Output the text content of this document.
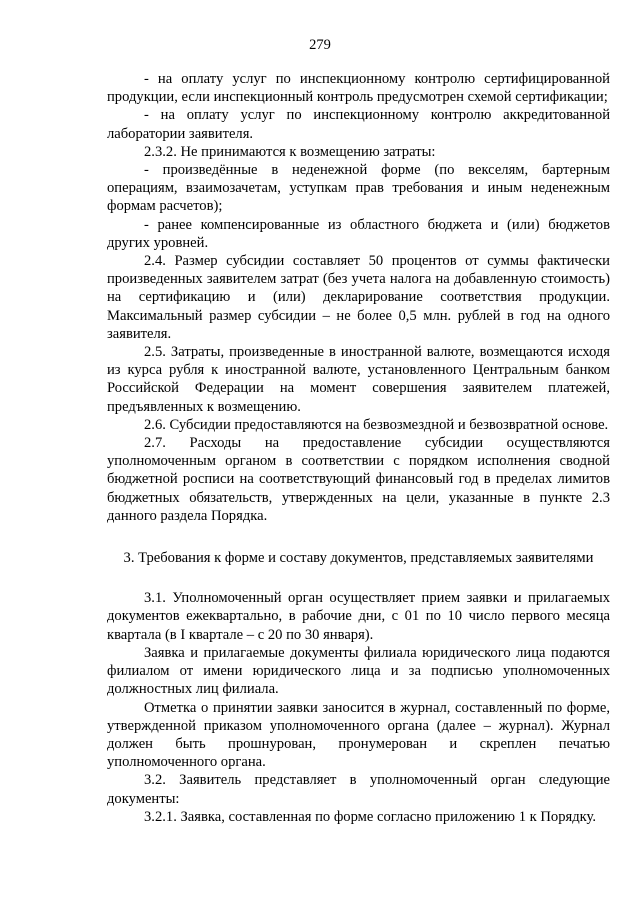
279

- на оплату услуг по инспекционному контролю сертифицированной продукции, если инспекционный контроль предусмотрен схемой сертификации;

- на оплату услуг по инспекционному контролю аккредитованной лаборатории заявителя.

2.3.2. Не принимаются к возмещению затраты:

- произведённые в неденежной форме (по векселям, бартерным операциям, взаимозачетам, уступкам прав требования и иным неденежным формам расчетов);

- ранее компенсированные из областного бюджета и (или) бюджетов других уровней.

2.4. Размер субсидии составляет 50 процентов от суммы фактически произведенных заявителем затрат (без учета налога на добавленную стоимость) на сертификацию и (или) декларирование соответствия продукции. Максимальный размер субсидии – не более 0,5 млн. рублей в год на одного заявителя.

2.5. Затраты, произведенные в иностранной валюте, возмещаются исходя из курса рубля к иностранной валюте, установленного Центральным банком Российской Федерации на момент совершения заявителем платежей, предъявленных к возмещению.

2.6. Субсидии предоставляются на безвозмездной и безвозвратной основе.

2.7. Расходы на предоставление субсидии осуществляются уполномоченным органом в соответствии с порядком исполнения сводной бюджетной росписи на соответствующий финансовый год в пределах лимитов бюджетных обязательств, утвержденных на цели, указанные в пункте 2.3 данного раздела Порядка.

3. Требования к форме и составу документов, представляемых заявителями

3.1. Уполномоченный орган осуществляет прием заявки и прилагаемых документов ежеквартально, в рабочие дни, с 01 по 10 число первого месяца квартала (в I квартале – с 20 по 30 января).

Заявка и прилагаемые документы филиала юридического лица подаются филиалом от имени юридического лица и за подписью уполномоченных должностных лиц филиала.

Отметка о принятии заявки заносится в журнал, составленный по форме, утвержденной приказом уполномоченного органа (далее – журнал). Журнал должен быть прошнурован, пронумерован и скреплен печатью уполномоченного органа.

3.2. Заявитель представляет в уполномоченный орган следующие документы:

3.2.1. Заявка, составленная по форме согласно приложению 1 к Порядку.
